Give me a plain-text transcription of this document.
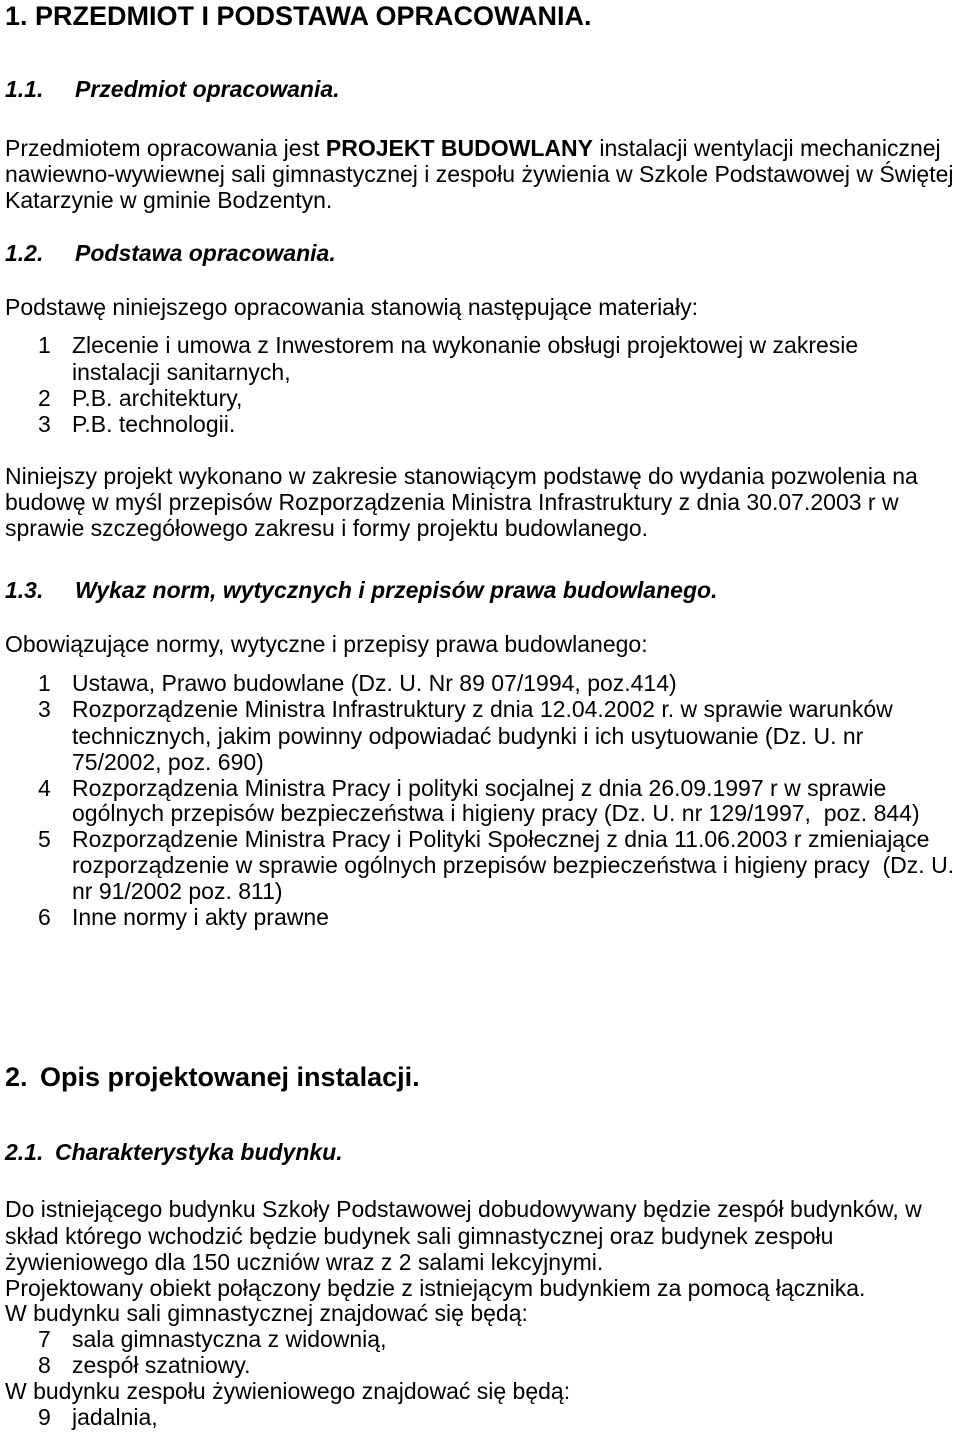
1. PRZEDMIOT I PODSTAWA OPRACOWANIA.
1.1. Przedmiot opracowania.
Przedmiotem opracowania jest PROJEKT BUDOWLANY instalacji wentylacji mechanicznej
nawiewno-wywiewnej sali gimnastycznej i zespołu żywienia w Szkole Podstawowej w Świętej
Katarzynie w gminie Bodzentyn.
1.2. Podstawa opracowania.
Podstawę niniejszego opracowania stanowią następujące materiały:
1 Zlecenie i umowa z Inwestorem na wykonanie obsługi projektowej w zakresie
instalacji sanitarnych,
2 P.B. architektury,
3 P.B. technologii.
Niniejszy projekt wykonano w zakresie stanowiącym podstawę do wydania pozwolenia na
budowę w myśl przepisów Rozporządzenia Ministra Infrastruktury z dnia 30.07.2003 r w
sprawie szczegółowego zakresu i formy projektu budowlanego.
1.3. Wykaz norm, wytycznych i przepisów prawa budowlanego.
Obowiązujące normy, wytyczne i przepisy prawa budowlanego:
1 Ustawa, Prawo budowlane (Dz. U. Nr 89 07/1994, poz.414)
3 Rozporządzenie Ministra Infrastruktury z dnia 12.04.2002 r. w sprawie warunków
technicznych, jakim powinny odpowiadać budynki i ich usytuowanie (Dz. U. nr
75/2002, poz. 690)
4 Rozporządzenia Ministra Pracy i polityki socjalnej z dnia 26.09.1997 r w sprawie
ogólnych przepisów bezpieczeństwa i higieny pracy (Dz. U. nr 129/1997,  poz. 844)
5 Rozporządzenie Ministra Pracy i Polityki Społecznej z dnia 11.06.2003 r zmieniające
rozporządzenie w sprawie ogólnych przepisów bezpieczeństwa i higieny pracy  (Dz. U.
nr 91/2002 poz. 811)
6 Inne normy i akty prawne
2. Opis projektowanej instalacji.
2.1. Charakterystyka budynku.
Do istniejącego budynku Szkoły Podstawowej dobudowywany będzie zespół budynków, w
skład którego wchodzić będzie budynek sali gimnastycznej oraz budynek zespołu
żywieniowego dla 150 uczniów wraz z 2 salami lekcyjnymi.
Projektowany obiekt połączony będzie z istniejącym budynkiem za pomocą łącznika.
W budynku sali gimnastycznej znajdować się będą:
7 sala gimnastyczna z widownią,
8 zespół szatniowy.
W budynku zespołu żywieniowego znajdować się będą:
9 jadalnia,
